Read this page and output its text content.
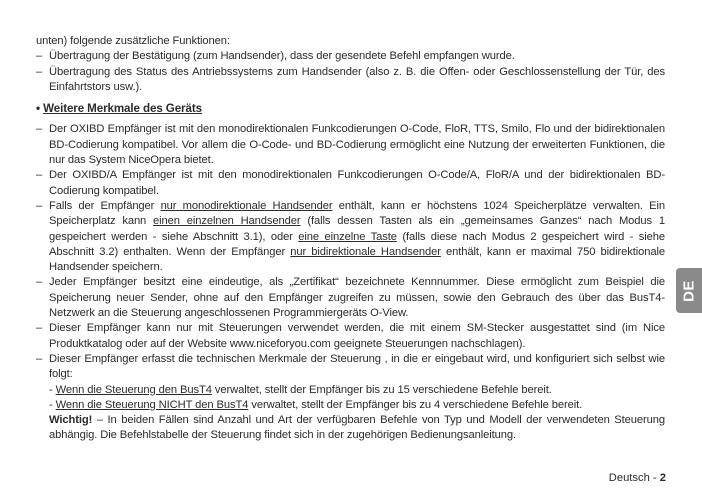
unten) folgende zusätzliche Funktionen:

– Übertragung der Bestätigung (zum Handsender), dass der gesendete Befehl empfangen wurde.
– Übertragung des Status des Antriebssystems zum Handsender (also z. B. die Offen- oder Geschlossenstellung der Tür, des Einfahrtstors usw.).

• Weitere Merkmale des Geräts

– Der OXIBD Empfänger ist mit den monodirektionalen Funkcodierungen O-Code, FloR, TTS, Smilo, Flo und der bidirektionalen BD-Codierung kompatibel. Vor allem die O-Code- und BD-Codierung ermöglicht eine Nutzung der erweiterten Funktionen, die nur das System NiceOpera bietet.
– Der OXIBD/A Empfänger ist mit den monodirektionalen Funkcodierungen O-Code/A, FloR/A und der bidirektionalen BD-Codierung kompatibel.
– Falls der Empfänger nur monodirektionale Handsender enthält, kann er höchstens 1024 Speicherplätze verwalten. Ein Speicherplatz kann einen einzelnen Handsender (falls dessen Tasten als ein „gemeinsames Ganzes“ nach Modus 1 gespeichert werden - siehe Abschnitt 3.1), oder eine einzelne Taste (falls diese nach Modus 2 gespeichert wird - siehe Abschnitt 3.2) enthalten. Wenn der Empfänger nur bidirektionale Handsender enthält, kann er maximal 750 bidirektionale Handsender speichern.
– Jeder Empfänger besitzt eine eindeutige, als „Zertifikat“ bezeichnete Kennnummer. Diese ermöglicht zum Beispiel die Speicherung neuer Sender, ohne auf den Empfänger zugreifen zu müssen, sowie den Gebrauch des über das BusT4-Netzwerk an die Steuerung angeschlossenen Programmiergeräts O-View.
– Dieser Empfänger kann nur mit Steuerungen verwendet werden, die mit einem SM-Stecker ausgestattet sind (im Nice Produktkatalog oder auf der Website www.niceforyou.com geeignete Steuerungen nachschlagen).
– Dieser Empfänger erfasst die technischen Merkmale der Steuerung , in die er eingebaut wird, und konfiguriert sich selbst wie folgt:
- Wenn die Steuerung den BusT4 verwaltet, stellt der Empfänger bis zu 15 verschiedene Befehle bereit.
- Wenn die Steuerung NICHT den BusT4 verwaltet, stellt der Empfänger bis zu 4 verschiedene Befehle bereit.
Wichtig! – In beiden Fällen sind Anzahl und Art der verfügbaren Befehle von Typ und Modell der verwendeten Steuerung abhängig. Die Befehlstabelle der Steuerung findet sich in der zugehörigen Bedienungsanleitung.
DE
Deutsch - 2
